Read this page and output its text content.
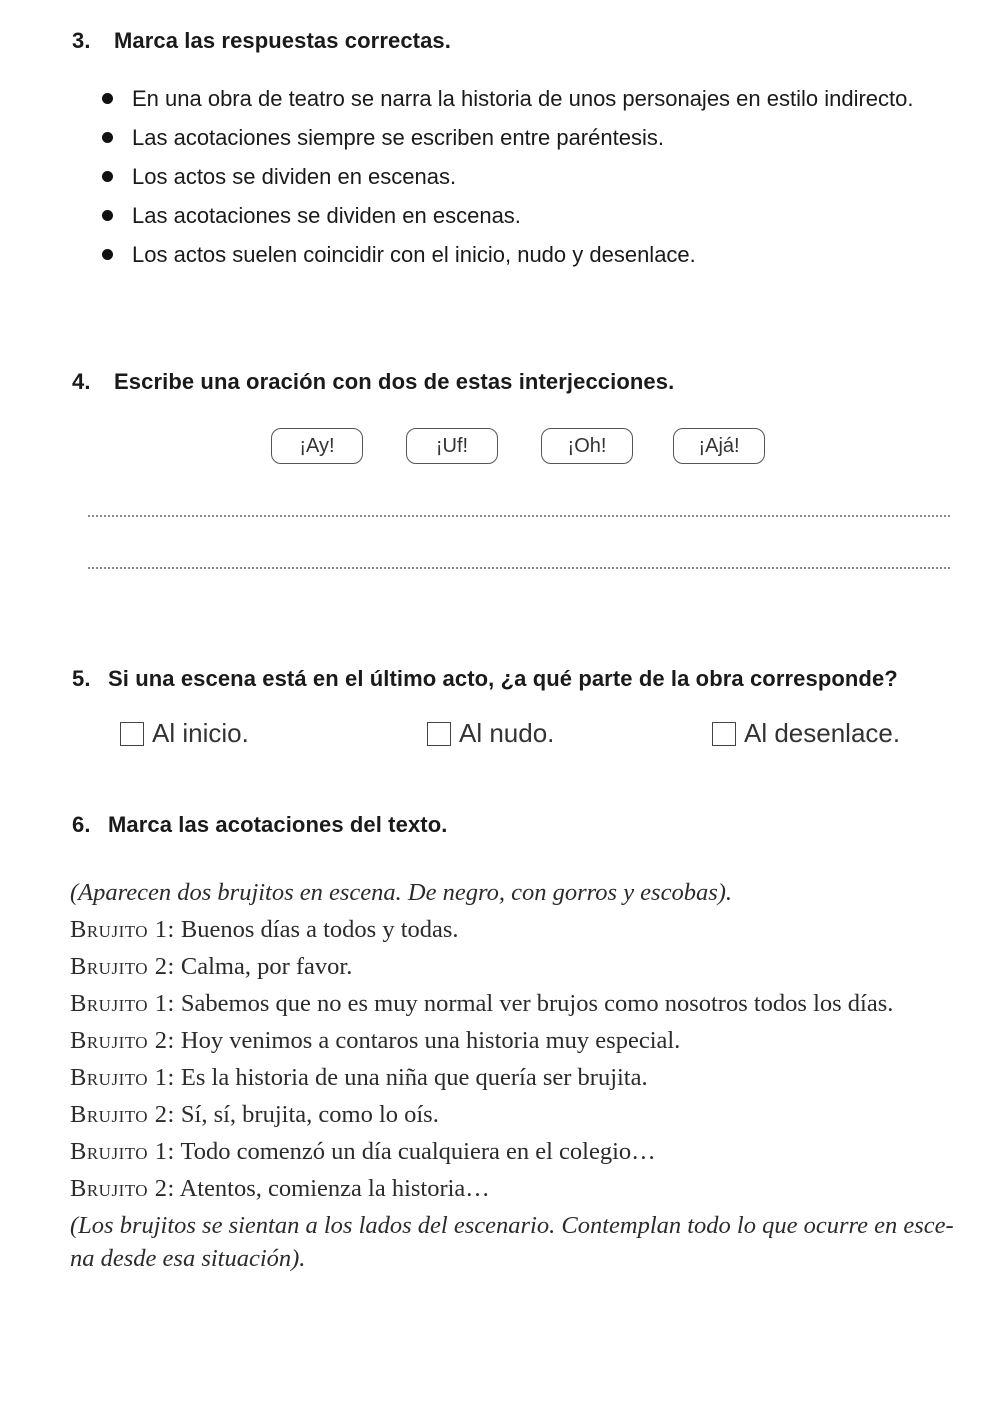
3. Marca las respuestas correctas.
En una obra de teatro se narra la historia de unos personajes en estilo indirecto.
Las acotaciones siempre se escriben entre paréntesis.
Los actos se dividen en escenas.
Las acotaciones se dividen en escenas.
Los actos suelen coincidir con el inicio, nudo y desenlace.
4. Escribe una oración con dos de estas interjecciones.
¡Ay!	¡Uf!	¡Oh!	¡Ajá!
5. Si una escena está en el último acto, ¿a qué parte de la obra corresponde?
Al inicio.	Al nudo.	Al desenlace.
6. Marca las acotaciones del texto.
(Aparecen dos brujitos en escena. De negro, con gorros y escobas).
Brujito 1: Buenos días a todos y todas.
Brujito 2: Calma, por favor.
Brujito 1: Sabemos que no es muy normal ver brujos como nosotros todos los días.
Brujito 2: Hoy venimos a contaros una historia muy especial.
Brujito 1: Es la historia de una niña que quería ser brujita.
Brujito 2: Sí, sí, brujita, como lo oís.
Brujito 1: Todo comenzó un día cualquiera en el colegio…
Brujito 2: Atentos, comienza la historia…
(Los brujitos se sientan a los lados del escenario. Contemplan todo lo que ocurre en esce-na desde esa situación).
